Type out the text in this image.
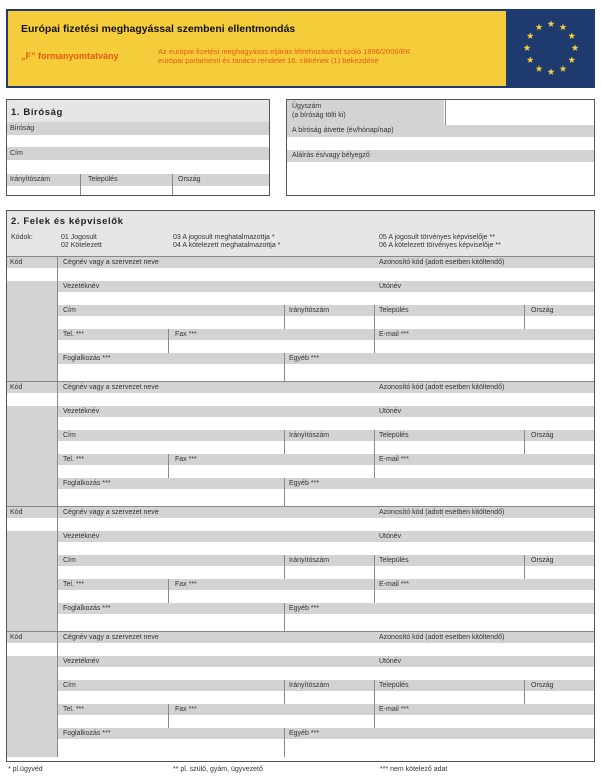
Európai fizetési meghagyással szembeni ellentmondás
„F” formanyomtatvány	Az európai fizetési meghagyásos eljárás létrehozásáról szóló 1896/2006/EK
európai parlamenti és tanácsi rendelet 16. cikkének (1) bekezdése
1. Bíróság
Bíróság
Cím
Irányítószám	Település	Ország
Ügyszám
(a bíróság tölti ki)
A bíróság átvette (év/hónap/nap)
Aláírás és/vagy bélyegző
2. Felek és képviselők
Kódok:	01 Jogosult
02 Kötelezett
03 A jogosult meghatalmazottja *
04 A kötelezett meghatalmazottja *
05 A jogosult törvényes képviselője **
06 A kötelezett törvényes képviselője **
Kód	Cégnév vagy a szervezet neve	Azonosító kód (adott esetben kitöltendő)
Vezetéknév	Utónév
Cím	Irányítószám	Település	Ország
Tel. ***	Fax ***	E-mail ***
Foglalkozás ***	Egyéb ***
Kód	Cégnév vagy a szervezet neve	Azonosító kód (adott esetben kitöltendő)
Vezetéknév	Utónév
Cím	Irányítószám	Település	Ország
Tel. ***	Fax ***	E-mail ***
Foglalkozás ***	Egyéb ***
Kód	Cégnév vagy a szervezet neve	Azonosító kód (adott esetben kitöltendő)
Vezetéknév	Utónév
Cím	Irányítószám	Település	Ország
Tel. ***	Fax ***	E-mail ***
Foglalkozás ***	Egyéb ***
Kód	Cégnév vagy a szervezet neve	Azonosító kód (adott esetben kitöltendő)
Vezetéknév	Utónév
Cím	Irányítószám	Település	Ország
Tel. ***	Fax ***	E-mail ***
Foglalkozás ***	Egyéb ***
* pl.ügyvéd	** pl. szülő, gyám, ügyvezető	*** nem kötelező adat
